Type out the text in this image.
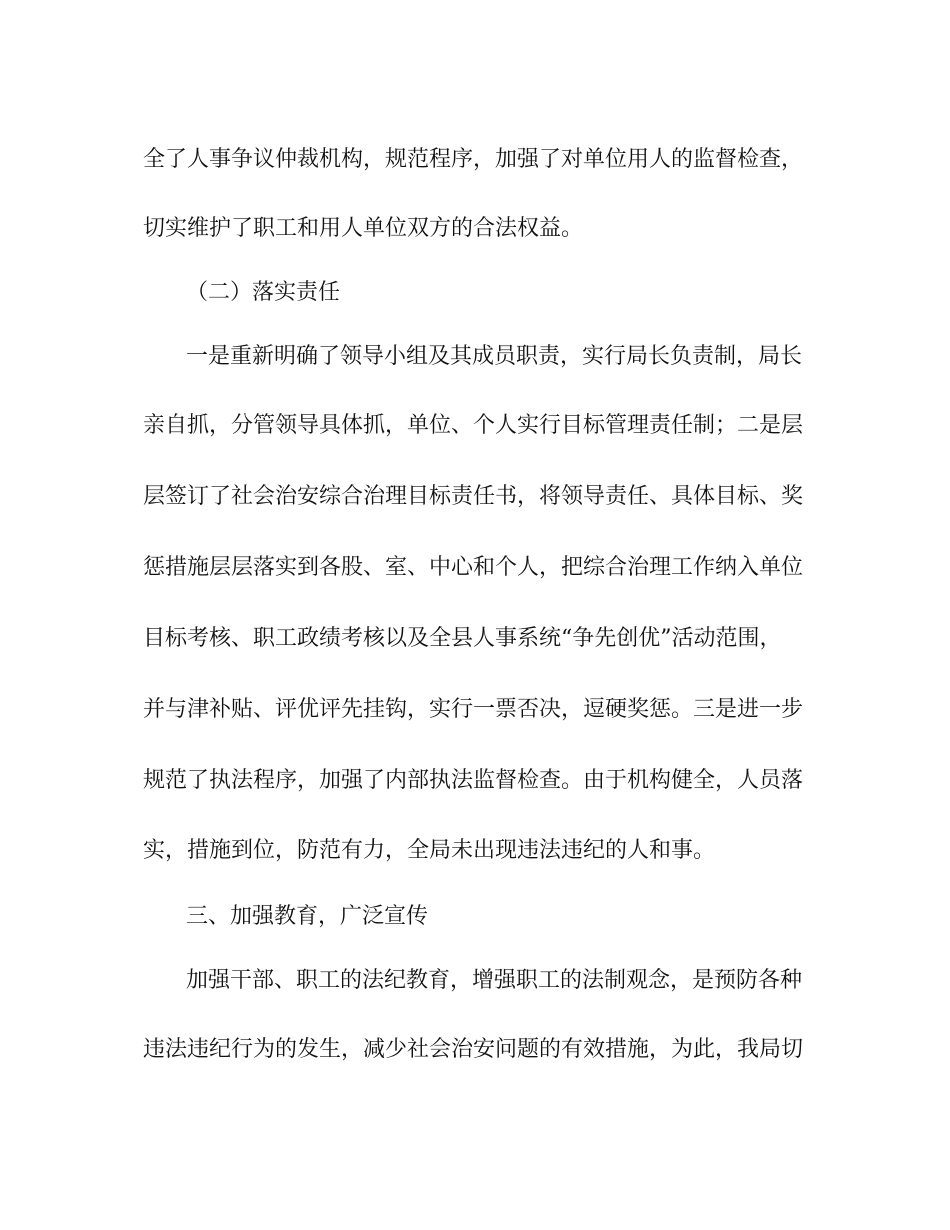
全了人事争议仲裁机构，规范程序，加强了对单位用人的监督检查，
切实维护了职工和用人单位双方的合法权益。
（二）落实责任
一是重新明确了领导小组及其成员职责，实行局长负责制，局长
亲自抓，分管领导具体抓，单位、个人实行目标管理责任制；二是层
层签订了社会治安综合治理目标责任书，将领导责任、具体目标、奖
惩措施层层落实到各股、室、中心和个人，把综合治理工作纳入单位
目标考核、职工政绩考核以及全县人事系统“争先创优”活动范围，
并与津补贴、评优评先挂钩，实行一票否决，逗硬奖惩。三是进一步
规范了执法程序，加强了内部执法监督检查。由于机构健全，人员落
实，措施到位，防范有力，全局未出现违法违纪的人和事。
三、加强教育，广泛宣传
加强干部、职工的法纪教育，增强职工的法制观念，是预防各种
违法违纪行为的发生，减少社会治安问题的有效措施，为此，我局切
